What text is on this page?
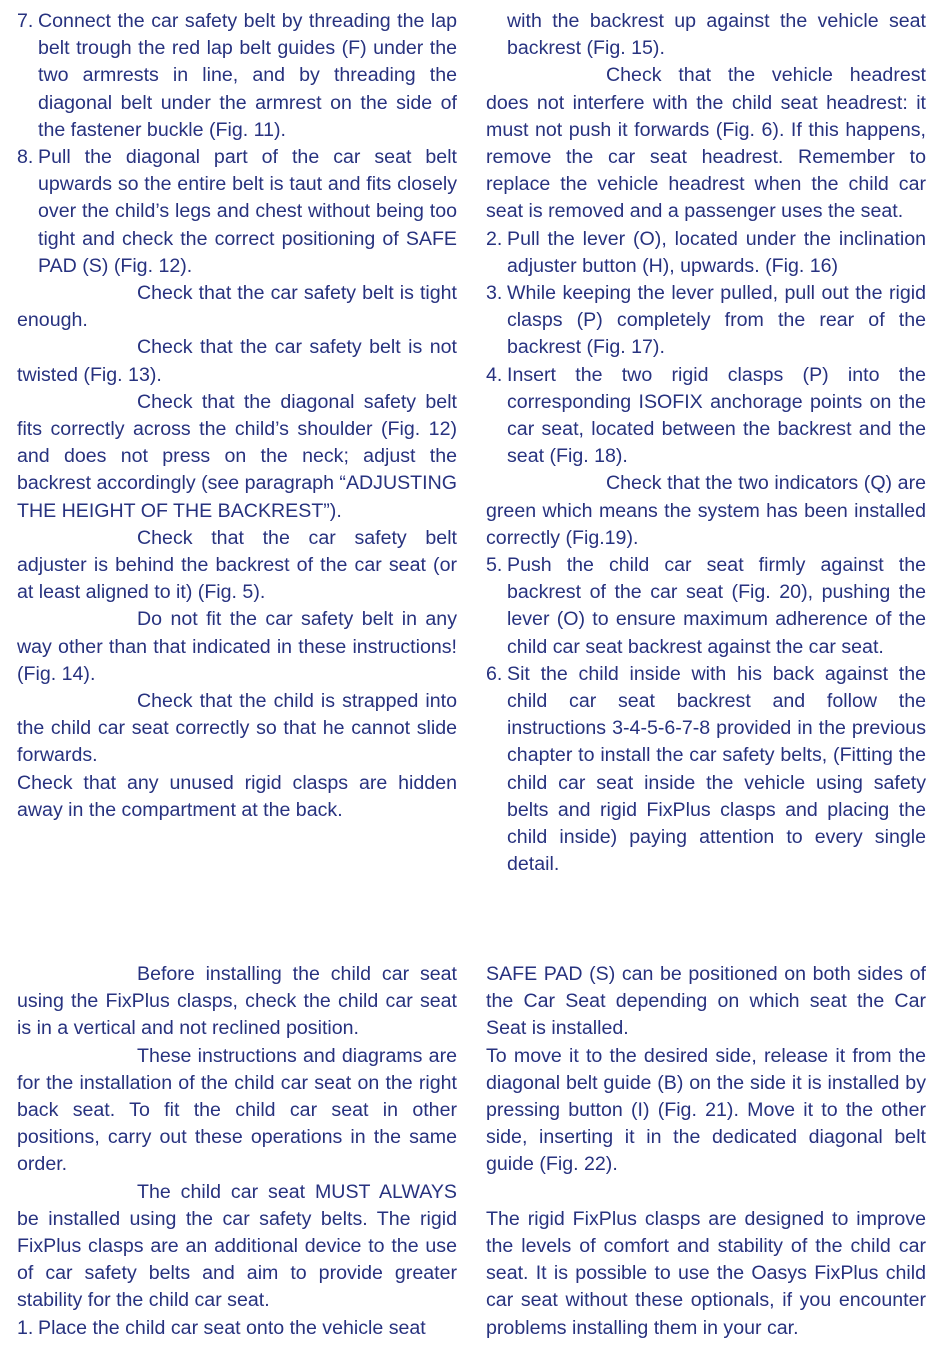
7. Connect the car safety belt by threading the lap belt trough the red lap belt guides (F) under the two armrests in line, and by threading the diagonal belt under the armrest on the side of the fastener buckle (Fig. 11).

8. Pull the diagonal part of the car seat belt upwards so the entire belt is taut and fits closely over the child’s legs and chest without being too tight and check the correct positioning of SAFE PAD (S) (Fig. 12).

Check that the car safety belt is tight enough.

Check that the car safety belt is not twisted (Fig. 13).

Check that the diagonal safety belt fits correctly across the child’s shoulder (Fig. 12) and does not press on the neck; adjust the backrest accordingly (see paragraph “ADJUSTING THE HEIGHT OF THE BACKREST”).

Check that the car safety belt adjuster is behind the backrest of the car seat (or at least aligned to it) (Fig. 5).

Do not fit the car safety belt in any way other than that indicated in these instructions! (Fig. 14).

Check that the child is strapped into the child car seat correctly so that he cannot slide forwards.

Check that any unused rigid clasps are hidden away in the compartment at the back.

with the backrest up against the vehicle seat backrest (Fig. 15).

Check that the vehicle headrest does not interfere with the child seat headrest: it must not push it forwards (Fig. 6). If this happens, remove the car seat headrest. Remember to replace the vehicle headrest when the child car seat is removed and a passenger uses the seat.

2. Pull the lever (O), located under the inclination adjuster button (H), upwards. (Fig. 16)

3. While keeping the lever pulled, pull out the rigid clasps (P) completely from the rear of the backrest (Fig. 17).

4. Insert the two rigid clasps (P) into the corresponding ISOFIX anchorage points on the car seat, located between the backrest and the seat (Fig. 18).

Check that the two indicators (Q) are green which means the system has been installed correctly (Fig.19).

5. Push the child car seat firmly against the backrest of the car seat (Fig. 20), pushing the lever (O) to ensure maximum adherence of the child car seat backrest against the car seat.

6. Sit the child inside with his back against the child car seat backrest and follow the instructions 3-4-5-6-7-8 provided in the previous chapter to install the car safety belts, (Fitting the child car seat inside the vehicle using safety belts and rigid FixPlus clasps and placing the child inside) paying attention to every single detail.

Before installing the child car seat using the FixPlus clasps, check the child car seat is in a vertical and not reclined position.

These instructions and diagrams are for the installation of the child car seat on the right back seat. To fit the child car seat in other positions, carry out these operations in the same order.

The child car seat MUST ALWAYS be installed using the car safety belts. The rigid FixPlus clasps are an additional device to the use of car safety belts and aim to provide greater stability for the child car seat.

1. Place the child car seat onto the vehicle seat

SAFE PAD (S) can be positioned on both sides of the Car Seat depending on which seat the Car Seat is installed.

To move it to the desired side, release it from the diagonal belt guide (B) on the side it is installed by pressing button (I) (Fig. 21). Move it to the other side, inserting it in the dedicated diagonal belt guide (Fig. 22).

The rigid FixPlus clasps are designed to improve the levels of comfort and stability of the child car seat. It is possible to use the Oasys FixPlus child car seat without these optionals, if you encounter problems installing them in your car.
